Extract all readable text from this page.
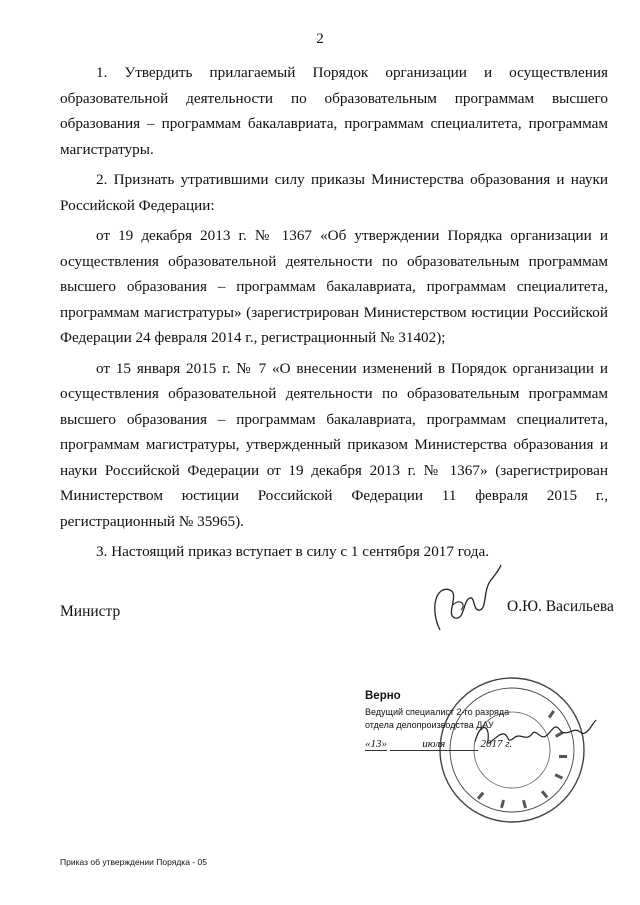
2

1. Утвердить прилагаемый Порядок организации и осуществления образовательной деятельности по образовательным программам высшего образования – программам бакалавриата, программам специалитета, программам магистратуры.

2. Признать утратившими силу приказы Министерства образования и науки Российской Федерации:

от 19 декабря 2013 г. № 1367 «Об утверждении Порядка организации и осуществления образовательной деятельности по образовательным программам высшего образования – программам бакалавриата, программам специалитета, программам магистратуры» (зарегистрирован Министерством юстиции Российской Федерации 24 февраля 2014 г., регистрационный № 31402);

от 15 января 2015 г. № 7 «О внесении изменений в Порядок организации и осуществления образовательной деятельности по образовательным программам высшего образования – программам бакалавриата, программам специалитета, программам магистратуры, утвержденный приказом Министерства образования и науки Российской Федерации от 19 декабря 2013 г. № 1367» (зарегистрирован Министерством юстиции Российской Федерации 11 февраля 2015 г., регистрационный № 35965).

3. Настоящий приказ вступает в силу с 1 сентября 2017 года.

Министр	О.Ю. Васильева
Верно
Ведущий специалист 2-го разряда
отдела делопроизводства ДАУ
«13»	июля	2017 г.
Приказ об утверждении Порядка - 05
